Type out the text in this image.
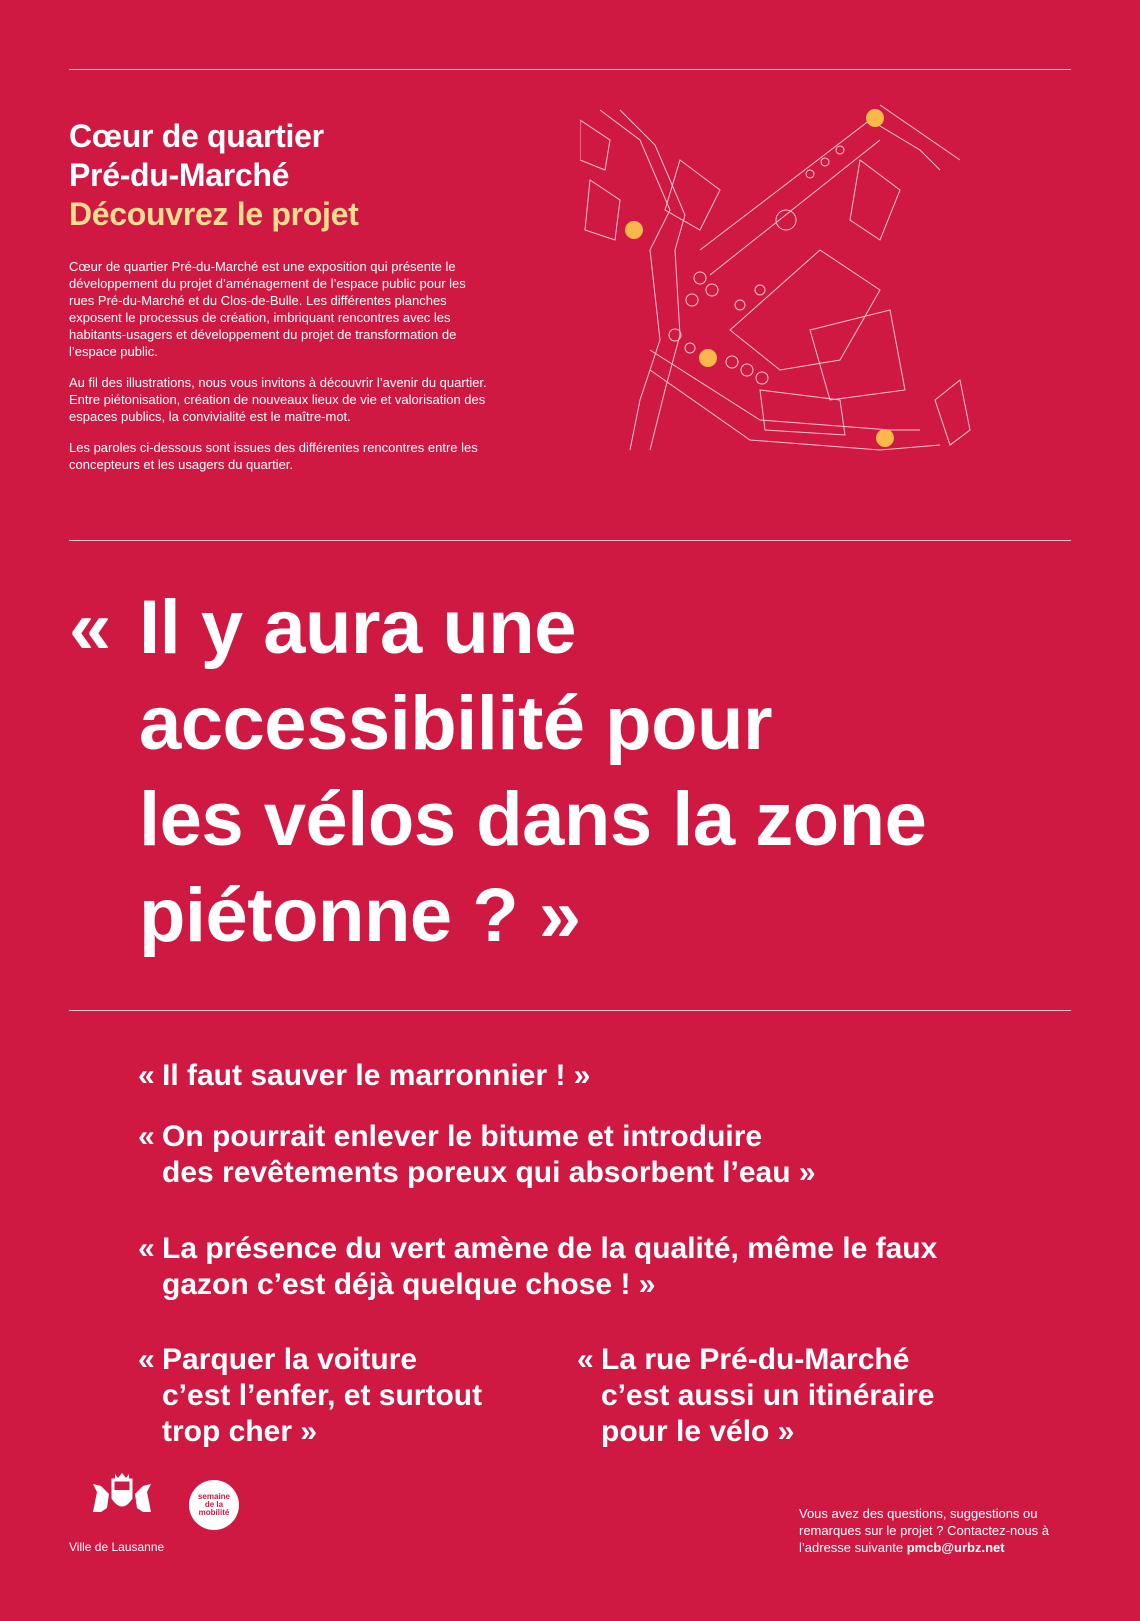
Cœur de quartier
Pré-du-Marché
Découvrez le projet

Cœur de quartier Pré-du-Marché est une exposition qui présente le développement du projet d’aménagement de l’espace public pour les rues Pré-du-Marché et du Clos-de-Bulle. Les différentes planches exposent le processus de création, imbriquant rencontres avec les habitants-usagers et développement du projet de transformation de l’espace public.

Au fil des illustrations, nous vous invitons à découvrir l’avenir du quartier. Entre piétonisation, création de nouveaux lieux de vie et valorisation des espaces publics, la convivialité est le maître-mot.

Les paroles ci-dessous sont issues des différentes rencontres entre les concepteurs et les usagers du quartier.

« Il y aura une
accessibilité pour
les vélos dans la zone
piétonne ? »
« Il faut sauver le marronnier ! »
« On pourrait enlever le bitume et introduire
des revêtements poreux qui absorbent l’eau »
« La présence du vert amène de la qualité, même le faux
gazon c’est déjà quelque chose ! »
« Parquer la voiture
c’est l’enfer, et surtout
trop cher »
« La rue Pré-du-Marché
c’est aussi un itinéraire
pour le vélo »
Ville de Lausanne
semaine de la mobilité	Vous avez des questions, suggestions ou remarques sur le projet ? Contactez-nous à l’adresse suivante pmcb@urbz.net
